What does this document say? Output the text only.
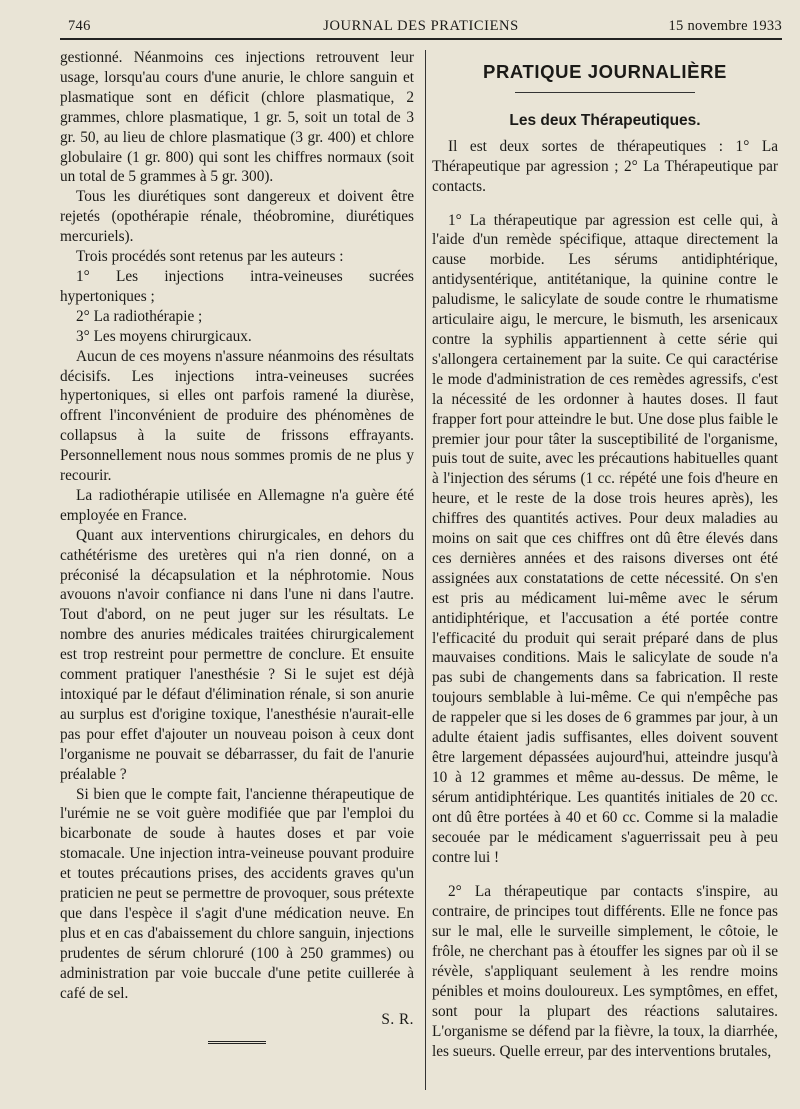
746	JOURNAL DES PRATICIENS	15 novembre 1933

gestionné. Néanmoins ces injections retrouvent leur usage, lorsqu'au cours d'une anurie, le chlore sanguin et plasmatique sont en déficit (chlore plasmatique, 2 grammes, chlore plasmatique, 1 gr. 5, soit un total de 3 gr. 50, au lieu de chlore plasmatique (3 gr. 400) et chlore globulaire (1 gr. 800) qui sont les chiffres normaux (soit un total de 5 grammes à 5 gr. 300).

Tous les diurétiques sont dangereux et doivent être rejetés (opothérapie rénale, théobromine, diurétiques mercuriels).

Trois procédés sont retenus par les auteurs :

1° Les injections intra-veineuses sucrées hypertoniques ;

2° La radiothérapie ;

3° Les moyens chirurgicaux.

Aucun de ces moyens n'assure néanmoins des résultats décisifs. Les injections intra-veineuses sucrées hypertoniques, si elles ont parfois ramené la diurèse, offrent l'inconvénient de produire des phénomènes de collapsus à la suite de frissons effrayants. Personnellement nous nous sommes promis de ne plus y recourir.

La radiothérapie utilisée en Allemagne n'a guère été employée en France.

Quant aux interventions chirurgicales, en dehors du cathétérisme des uretères qui n'a rien donné, on a préconisé la décapsulation et la néphrotomie. Nous avouons n'avoir confiance ni dans l'une ni dans l'autre. Tout d'abord, on ne peut juger sur les résultats. Le nombre des anuries médicales traitées chirurgicalement est trop restreint pour permettre de conclure. Et ensuite comment pratiquer l'anesthésie ? Si le sujet est déjà intoxiqué par le défaut d'élimination rénale, si son anurie au surplus est d'origine toxique, l'anesthésie n'aurait-elle pas pour effet d'ajouter un nouveau poison à ceux dont l'organisme ne pouvait se débarrasser, du fait de l'anurie préalable ?

Si bien que le compte fait, l'ancienne thérapeutique de l'urémie ne se voit guère modifiée que par l'emploi du bicarbonate de soude à hautes doses et par voie stomacale. Une injection intra-veineuse pouvant produire et toutes précautions prises, des accidents graves qu'un praticien ne peut se permettre de provoquer, sous prétexte que dans l'espèce il s'agit d'une médication neuve. En plus et en cas d'abaissement du chlore sanguin, injections prudentes de sérum chloruré (100 à 250 grammes) ou administration par voie buccale d'une petite cuillerée à café de sel.

S. R.
PRATIQUE JOURNALIÈRE
Les deux Thérapeutiques.

Il est deux sortes de thérapeutiques : 1° La Thérapeutique par agression ; 2° La Thérapeutique par contacts.

1° La thérapeutique par agression est celle qui, à l'aide d'un remède spécifique, attaque directement la cause morbide. Les sérums antidiphtérique, antidysentérique, antitétanique, la quinine contre le paludisme, le salicylate de soude contre le rhumatisme articulaire aigu, le mercure, le bismuth, les arsenicaux contre la syphilis appartiennent à cette série qui s'allongera certainement par la suite. Ce qui caractérise le mode d'administration de ces remèdes agressifs, c'est la nécessité de les ordonner à hautes doses. Il faut frapper fort pour atteindre le but. Une dose plus faible le premier jour pour tâter la susceptibilité de l'organisme, puis tout de suite, avec les précautions habituelles quant à l'injection des sérums (1 cc. répété une fois d'heure en heure, et le reste de la dose trois heures après), les chiffres des quantités actives. Pour deux maladies au moins on sait que ces chiffres ont dû être élevés dans ces dernières années et des raisons diverses ont été assignées aux constatations de cette nécessité. On s'en est pris au médicament lui-même avec le sérum antidiphtérique, et l'accusation a été portée contre l'efficacité du produit qui serait préparé dans de plus mauvaises conditions. Mais le salicylate de soude n'a pas subi de changements dans sa fabrication. Il reste toujours semblable à lui-même. Ce qui n'empêche pas de rappeler que si les doses de 6 grammes par jour, à un adulte étaient jadis suffisantes, elles doivent souvent être largement dépassées aujourd'hui, atteindre jusqu'à 10 à 12 grammes et même au-dessus. De même, le sérum antidiphtérique. Les quantités initiales de 20 cc. ont dû être portées à 40 et 60 cc. Comme si la maladie secouée par le médicament s'aguerrissait peu à peu contre lui !

2° La thérapeutique par contacts s'inspire, au contraire, de principes tout différents. Elle ne fonce pas sur le mal, elle le surveille simplement, le côtoie, le frôle, ne cherchant pas à étouffer les signes par où il se révèle, s'appliquant seulement à les rendre moins pénibles et moins douloureux. Les symptômes, en effet, sont pour la plupart des réactions salutaires. L'organisme se défend par la fièvre, la toux, la diarrhée, les sueurs. Quelle erreur, par des interventions brutales,
